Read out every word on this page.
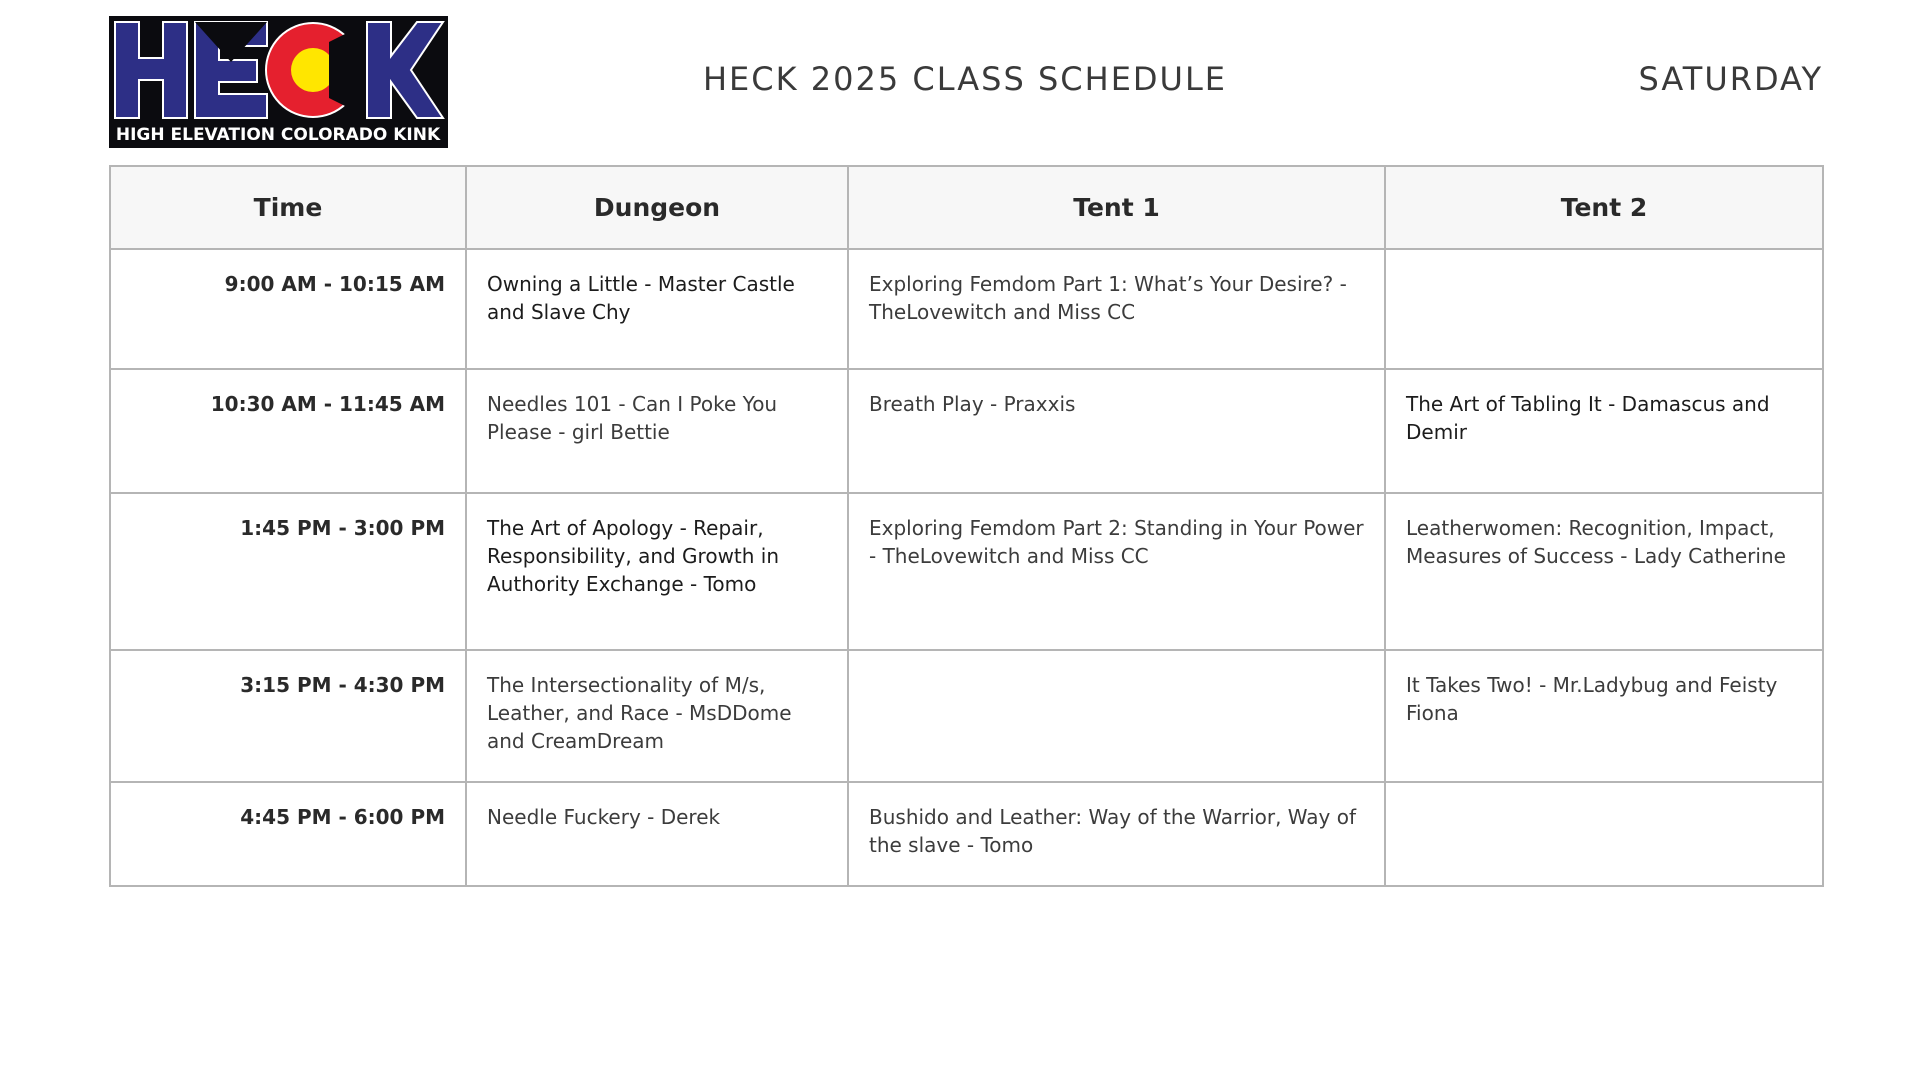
HIGH ELEVATION COLORADO KINK
HECK 2025 CLASS SCHEDULE	SATURDAY
Time	Dungeon	Tent 1	Tent 2
9:00 AM - 10:15 AM	Owning a Little - Master Castle and Slave Chy	Exploring Femdom Part 1: What’s Your Desire? - TheLovewitch and Miss CC	
10:30 AM - 11:45 AM	Needles 101 - Can I Poke You Please - girl Bettie	Breath Play - Praxxis	The Art of Tabling It - Damascus and Demir
1:45 PM - 3:00 PM	The Art of Apology - Repair, Responsibility, and Growth in Authority Exchange - Tomo	Exploring Femdom Part 2: Standing in Your Power - TheLovewitch and Miss CC	Leatherwomen: Recognition, Impact, Measures of Success - Lady Catherine
3:15 PM - 4:30 PM	The Intersectionality of M/s, Leather, and Race - MsDDome and CreamDream		It Takes Two! - Mr.Ladybug and Feisty Fiona
4:45 PM - 6:00 PM	Needle Fuckery - Derek	Bushido and Leather: Way of the Warrior, Way of the slave - Tomo	
